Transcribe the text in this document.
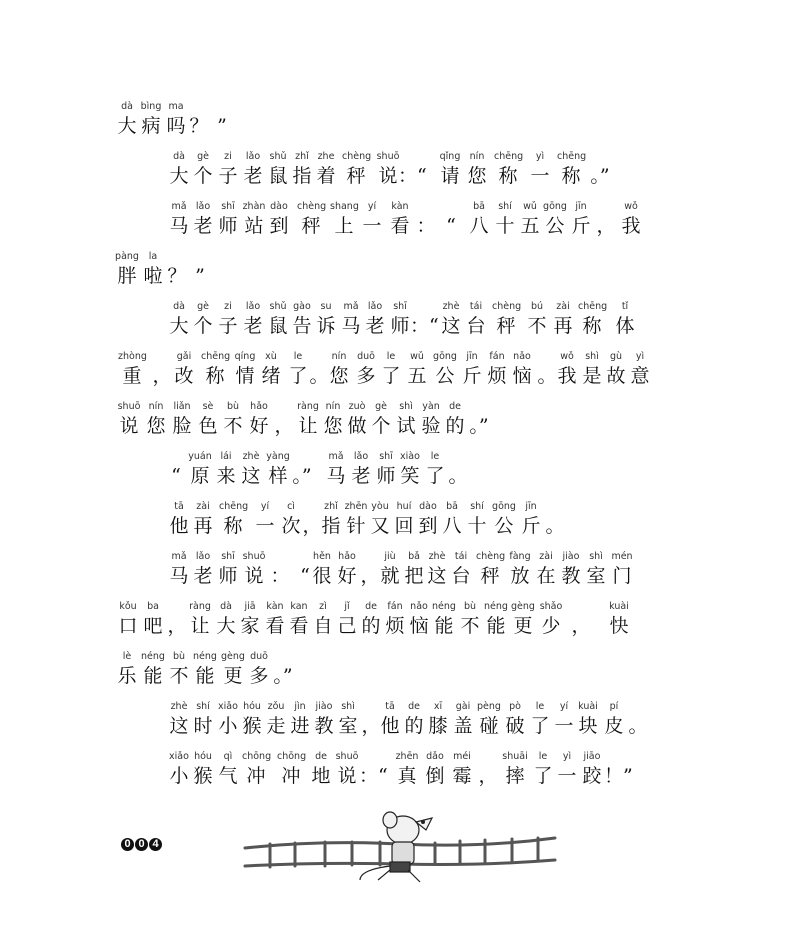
dà
大
bìng
病
ma
吗 ？ ”
dà
大
gè
个
zi
子
lǎo
老
shǔ
鼠
zhǐ
指
zhe
着
chèng
秤
shuō
说 ：“
qǐng
请
nín
您
chēng
称
yì
一
chēng
称 。”
mǎ
马
lǎo
老
shī
师
zhàn
站
dào
到
chèng
秤
shang
上
yí
一
kàn
看 ： “
bā
八
shí
十
wǔ
五
gōng
公
jīn
斤 ，
wǒ
我
pàng
胖
la
啦 ？ ”
dà
大
gè
个
zi
子
lǎo
老
shǔ
鼠
gào
告
su
诉
mǎ
马
lǎo
老
shī
师 ：“
zhè
这
tái
台
chèng
秤
bú
不
zài
再
chēng
称
tǐ
体
zhòng
重 ，
gǎi
改
chēng
称
qíng
情
xù
绪
le
了 。
nín
您
duō
多
le
了
wǔ
五
gōng
公
jīn
斤
fán
烦
nǎo
恼 。
wǒ
我
shì
是
gù
故
yì
意
shuō
说
nín
您
liǎn
脸
sè
色
bù
不
hǎo
好 ，
ràng
让
nín
您
zuò
做
gè
个
shì
试
yàn
验
de
的 。”
“
yuán
原
lái
来
zhè
这
yàng
样 。”
mǎ
马
lǎo
老
shī
师
xiào
笑
le
了 。
tā
他
zài
再
chēng
称
yí
一
cì
次 ，
zhǐ
指
zhēn
针
yòu
又
huí
回
dào
到
bā
八
shí
十
gōng
公
jīn
斤 。
mǎ
马
lǎo
老
shī
师
shuō
说 ： “
hěn
很
hǎo
好 ，
jiù
就
bǎ
把
zhè
这
tái
台
chèng
秤
fàng
放
zài
在
jiào
教
shì
室
mén
门
kǒu
口
ba
吧 ，
ràng
让
dà
大
jiā
家
kàn
看
kan
看
zì
自
jǐ
己
de
的
fán
烦
nǎo
恼
néng
能
bù
不
néng
能
gèng
更
shǎo
少 ，
kuài
快
lè
乐
néng
能
bù
不
néng
能
gèng
更
duō
多 。”
zhè
这
shí
时
xiǎo
小
hóu
猴
zǒu
走
jìn
进
jiào
教
shì
室 ，
tā
他
de
的
xī
膝
gài
盖
pèng
碰
pò
破
le
了
yí
一
kuài
块
pí
皮 。
xiǎo
小
hóu
猴
qì
气
chōng
冲
chōng
冲
de
地
shuō
说 ：“
zhēn
真
dǎo
倒
méi
霉 ，
shuāi
摔
le
了
yì
一
jiāo
跤 ！”
0 0 4
